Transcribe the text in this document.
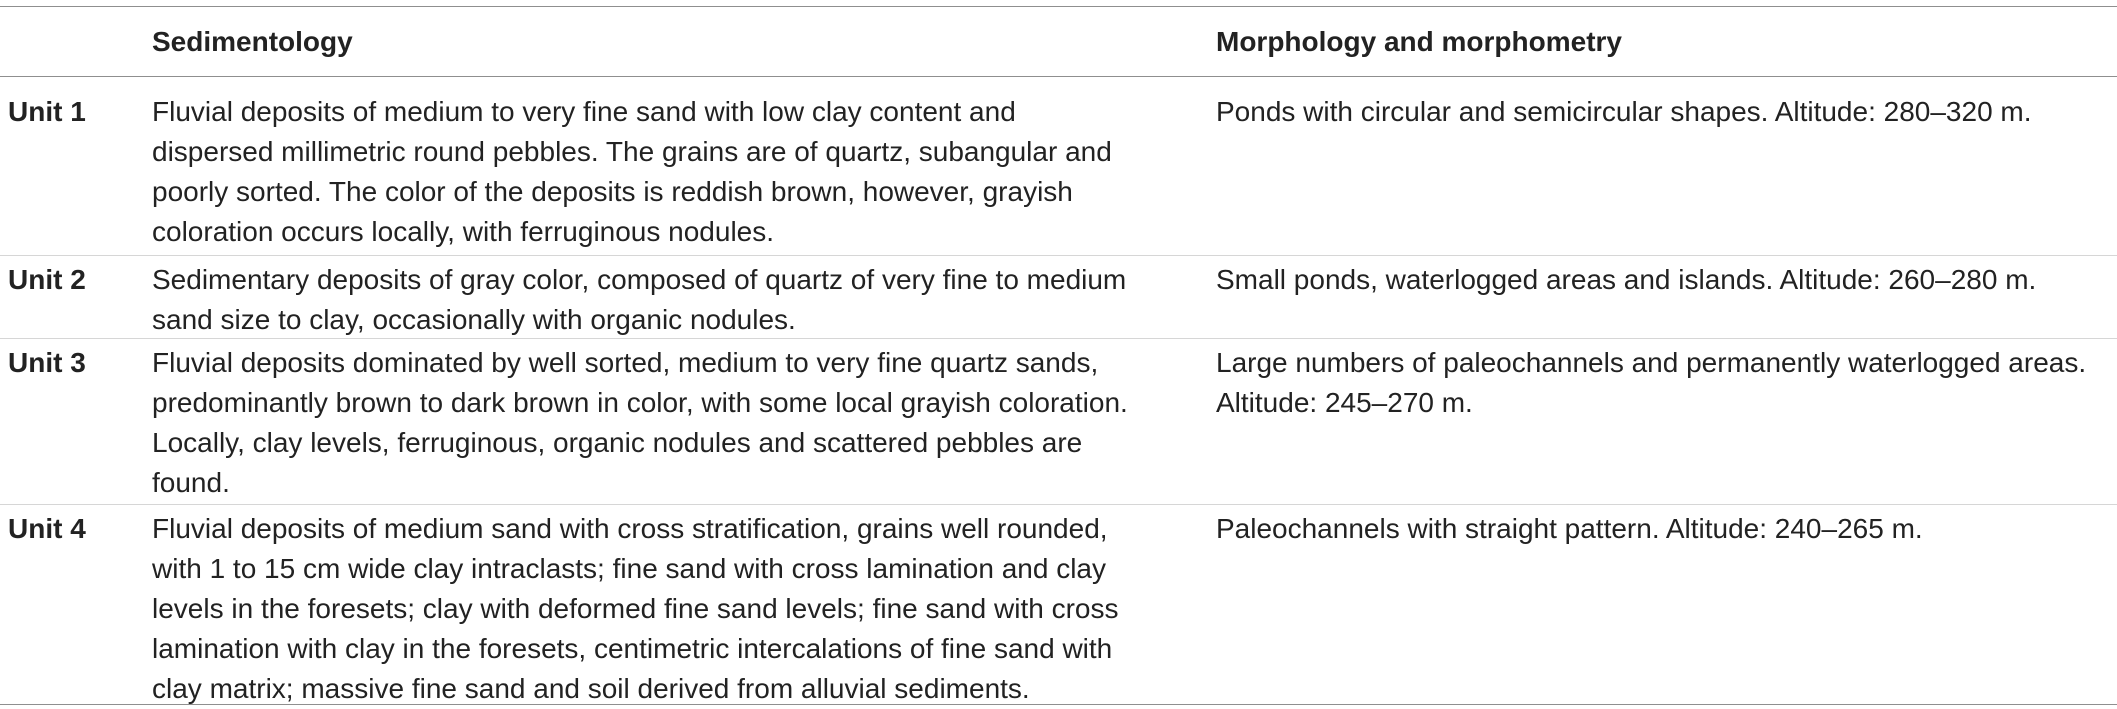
Sedimentology	Morphology and morphometry
Unit 1 Fluvial deposits of medium to very fine sand with low clay content and dispersed millimetric round pebbles. The grains are of quartz, subangular and poorly sorted. The color of the deposits is reddish brown, however, grayish coloration occurs locally, with ferruginous nodules.
Ponds with circular and semicircular shapes. Altitude: 280–320 m.
Unit 2 Sedimentary deposits of gray color, composed of quartz of very fine to medium sand size to clay, occasionally with organic nodules.
Small ponds, waterlogged areas and islands. Altitude: 260–280 m.
Unit 3 Fluvial deposits dominated by well sorted, medium to very fine quartz sands, predominantly brown to dark brown in color, with some local grayish coloration. Locally, clay levels, ferruginous, organic nodules and scattered pebbles are found.
Large numbers of paleochannels and permanently waterlogged areas. Altitude: 245–270 m.
Unit 4 Fluvial deposits of medium sand with cross stratification, grains well rounded, with 1 to 15 cm wide clay intraclasts; fine sand with cross lamination and clay levels in the foresets; clay with deformed fine sand levels; fine sand with cross lamination with clay in the foresets, centimetric intercalations of fine sand with clay matrix; massive fine sand and soil derived from alluvial sediments.
Paleochannels with straight pattern. Altitude: 240–265 m.
